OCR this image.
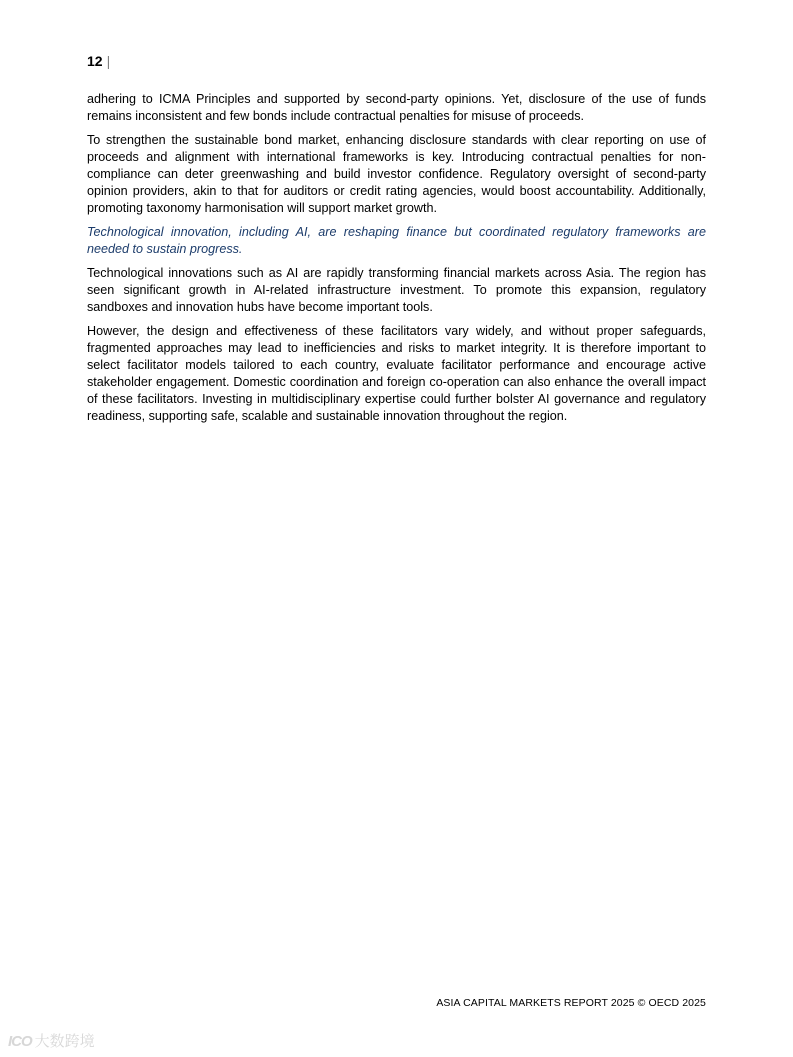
12 |

adhering to ICMA Principles and supported by second-party opinions. Yet, disclosure of the use of funds remains inconsistent and few bonds include contractual penalties for misuse of proceeds.

To strengthen the sustainable bond market, enhancing disclosure standards with clear reporting on use of proceeds and alignment with international frameworks is key. Introducing contractual penalties for non-compliance can deter greenwashing and build investor confidence. Regulatory oversight of second-party opinion providers, akin to that for auditors or credit rating agencies, would boost accountability. Additionally, promoting taxonomy harmonisation will support market growth.

Technological innovation, including AI, are reshaping finance but coordinated regulatory frameworks are needed to sustain progress.

Technological innovations such as AI are rapidly transforming financial markets across Asia. The region has seen significant growth in AI-related infrastructure investment. To promote this expansion, regulatory sandboxes and innovation hubs have become important tools.

However, the design and effectiveness of these facilitators vary widely, and without proper safeguards, fragmented approaches may lead to inefficiencies and risks to market integrity. It is therefore important to select facilitator models tailored to each country, evaluate facilitator performance and encourage active stakeholder engagement. Domestic coordination and foreign co-operation can also enhance the overall impact of these facilitators. Investing in multidisciplinary expertise could further bolster AI governance and regulatory readiness, supporting safe, scalable and sustainable innovation throughout the region.

ASIA CAPITAL MARKETS REPORT 2025 © OECD 2025
ICO 大数跨境
